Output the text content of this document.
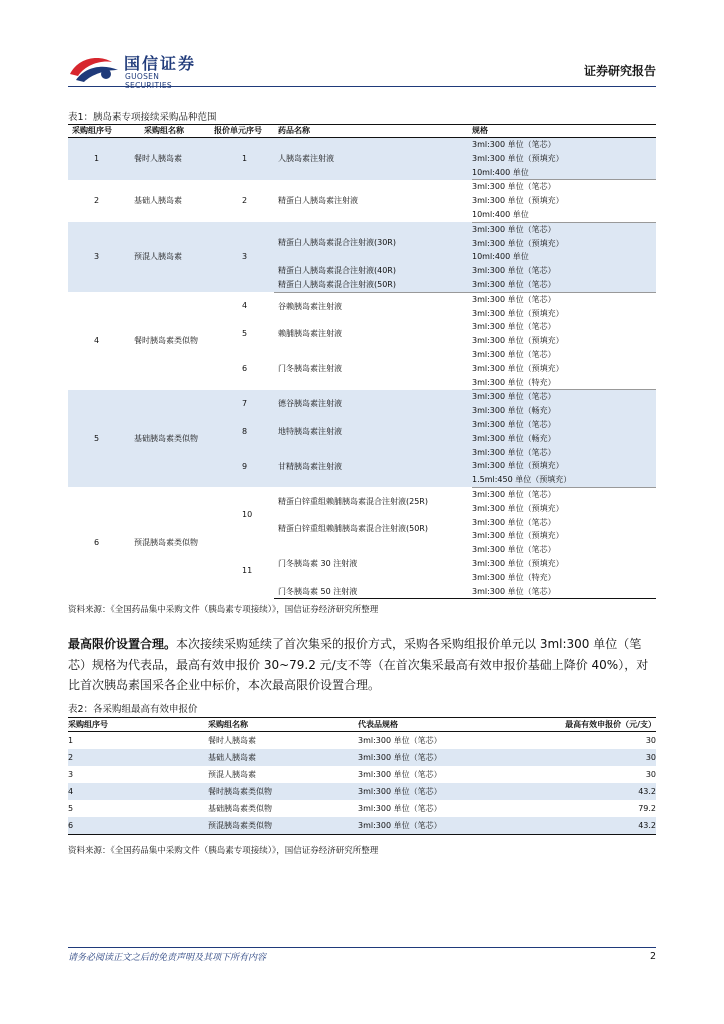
国信证券
GUOSEN	证券研究报告
表1：胰岛素专项接续采购品种范围
采购组序号	采购组名称	报价单元序号	药品名称	规格
1	餐时人胰岛素	1	人胰岛素注射液	3ml:300 单位（笔芯）
				3ml:300 单位（预填充）
				10ml:400 单位
2	基础人胰岛素	2	精蛋白人胰岛素注射液	3ml:300 单位（笔芯）
				3ml:300 单位（预填充）
				10ml:400 单位
3	预混人胰岛素	3	精蛋白人胰岛素混合注射液(30R)	3ml:300 单位（笔芯）
				3ml:300 单位（预填充）
				10ml:400 单位
			精蛋白人胰岛素混合注射液(40R)	3ml:300 单位（笔芯）
			精蛋白人胰岛素混合注射液(50R)	3ml:300 单位（笔芯）
4	餐时胰岛素类似物	4	谷赖胰岛素注射液	3ml:300 单位（笔芯）
				3ml:300 单位（预填充）
		5	赖脯胰岛素注射液	3ml:300 单位（笔芯）
				3ml:300 单位（预填充）
		6	门冬胰岛素注射液	3ml:300 单位（笔芯）
				3ml:300 单位（预填充）
				3ml:300 单位（特充）
5	基础胰岛素类似物	7	德谷胰岛素注射液	3ml:300 单位（笔芯）
				3ml:300 单位（畅充）
		8	地特胰岛素注射液	3ml:300 单位（笔芯）
				3ml:300 单位（畅充）
		9	甘精胰岛素注射液	3ml:300 单位（笔芯）
				3ml:300 单位（预填充）
				1.5ml:450 单位（预填充）
6	预混胰岛素类似物	10	精蛋白锌重组赖脯胰岛素混合注射液(25R)	3ml:300 单位（笔芯）
				3ml:300 单位（预填充）
			精蛋白锌重组赖脯胰岛素混合注射液(50R)	3ml:300 单位（笔芯）
				3ml:300 单位（预填充）
		11	门冬胰岛素 30 注射液	3ml:300 单位（笔芯）
				3ml:300 单位（预填充）
				3ml:300 单位（特充）
			门冬胰岛素 50 注射液	3ml:300 单位（笔芯）
资料来源：《全国药品集中采购文件（胰岛素专项接续）》，国信证券经济研究所整理
最高限价设置合理。本次接续采购延续了首次集采的报价方式，采购各采购组报价单元以 3ml:300 单位（笔芯）规格为代表品，最高有效申报价 30~79.2 元/支不等（在首次集采最高有效申报价基础上降价 40%），对比首次胰岛素国采各企业中标价，本次最高限价设置合理。
表2：各采购组最高有效申报价
采购组序号	采购组名称	代表品规格	最高有效申报价（元/支）
1	餐时人胰岛素	3ml:300 单位（笔芯）	30
2	基础人胰岛素	3ml:300 单位（笔芯）	30
3	预混人胰岛素	3ml:300 单位（笔芯）	30
4	餐时胰岛素类似物	3ml:300 单位（笔芯）	43.2
5	基础胰岛素类似物	3ml:300 单位（笔芯）	79.2
6	预混胰岛素类似物	3ml:300 单位（笔芯）	43.2
资料来源：《全国药品集中采购文件（胰岛素专项接续）》，国信证券经济研究所整理
请务必阅读正文之后的免责声明及其项下所有内容	2
